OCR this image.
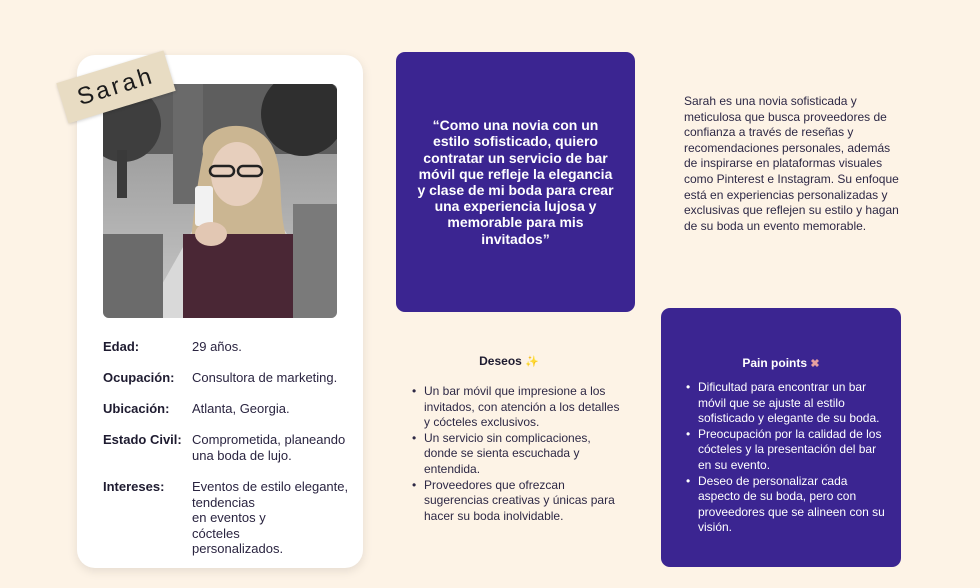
Sarah
Edad:	29 años.
Ocupación:	Consultora de marketing.
Ubicación:	Atlanta, Georgia.
Estado Civil: Comprometida, planeando
una boda de lujo.
Intereses:	Eventos de estilo elegante,
tendencias
en eventos y
cócteles
personalizados.
“Como una novia con un estilo sofisticado, quiero contratar un servicio de bar móvil que refleje la elegancia y clase de mi boda para crear una experiencia lujosa y memorable para mis invitados”
Sarah es una novia sofisticada y meticulosa que busca proveedores de confianza a través de reseñas y recomendaciones personales, además de inspirarse en plataformas visuales como Pinterest e Instagram. Su enfoque está en experiencias personalizadas y exclusivas que reflejen su estilo y hagan de su boda un evento memorable.
Deseos ✨
• Un bar móvil que impresione a los invitados, con atención a los detalles y cócteles exclusivos.
• Un servicio sin complicaciones, donde se sienta escuchada y entendida.
• Proveedores que ofrezcan sugerencias creativas y únicas para hacer su boda inolvidable.
Pain points ✖
• Dificultad para encontrar un bar móvil que se ajuste al estilo sofisticado y elegante de su boda.
• Preocupación por la calidad de los cócteles y la presentación del bar en su evento.
• Deseo de personalizar cada aspecto de su boda, pero con proveedores que se alineen con su visión.
